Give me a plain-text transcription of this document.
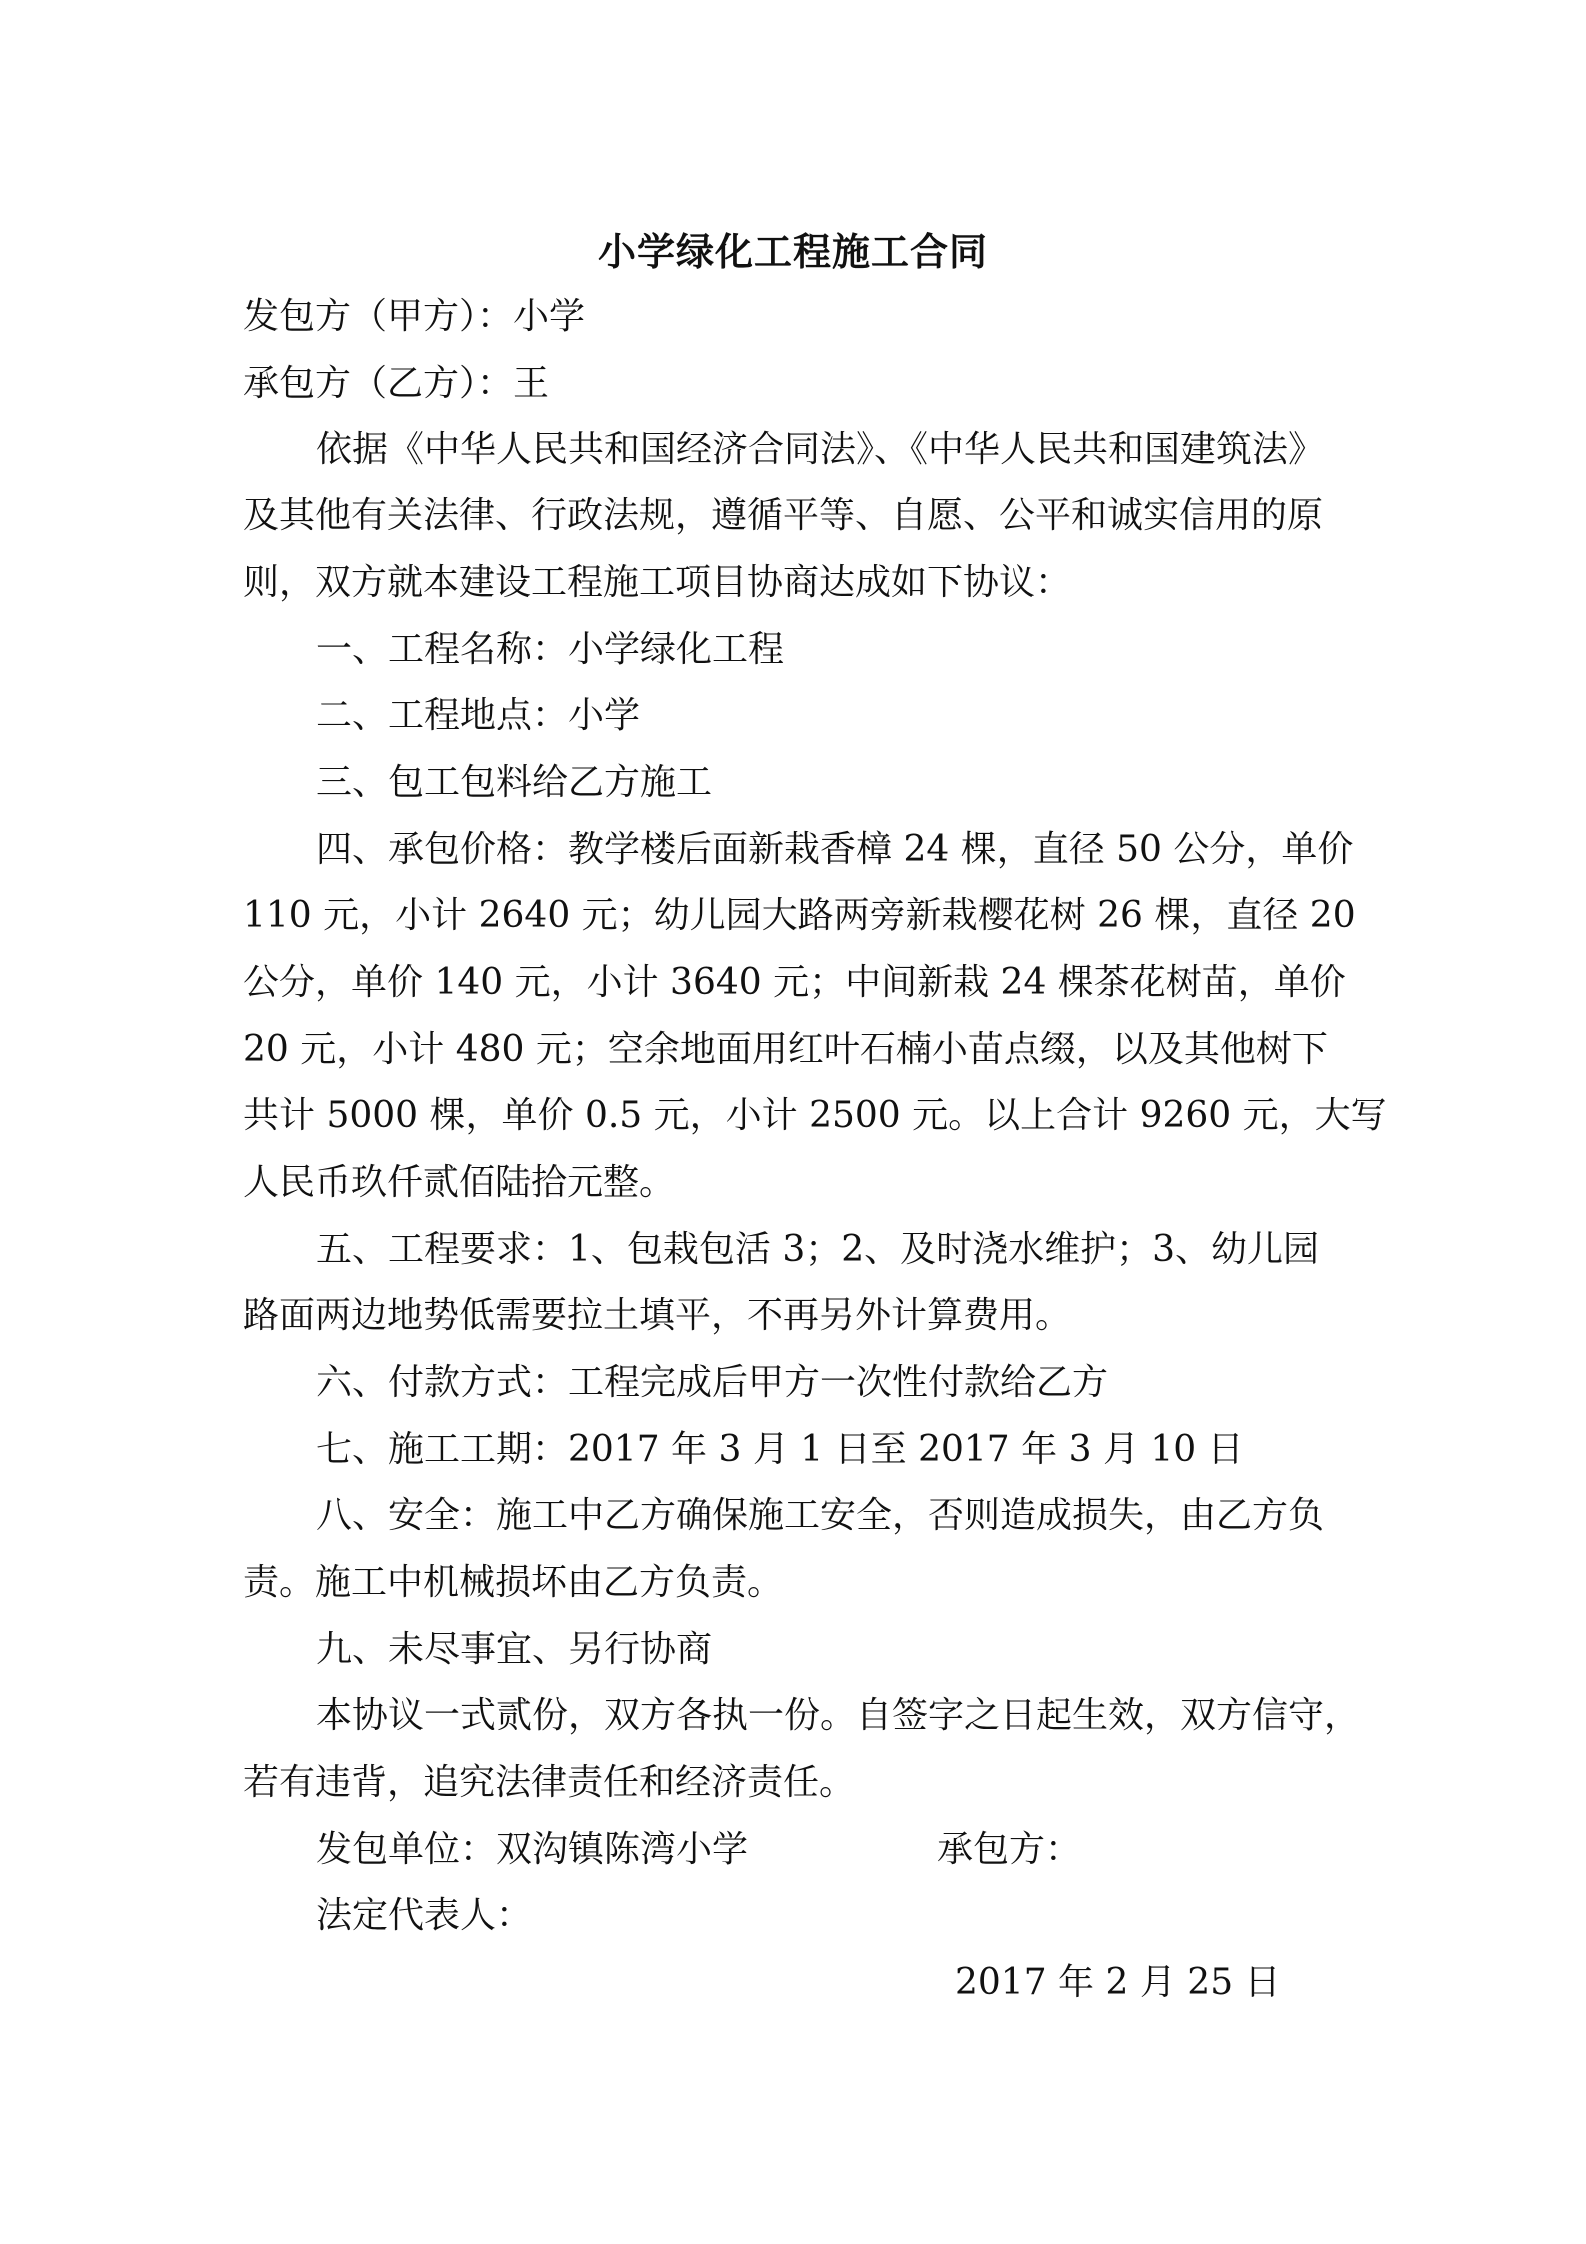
小学绿化工程施工合同
发包方（甲方）：小学
承包方（乙方）：王
依据《中华人民共和国经济合同法》、《中华人民共和国建筑法》
及其他有关法律、行政法规，遵循平等、自愿、公平和诚实信用的原
则，双方就本建设工程施工项目协商达成如下协议：
一、工程名称：小学绿化工程
二、工程地点：小学
三、包工包料给乙方施工
四、承包价格：教学楼后面新栽香樟 24 棵，直径 50 公分，单价
110 元，小计 2640 元；幼儿园大路两旁新栽樱花树 26 棵，直径 20
公分，单价 140 元，小计 3640 元；中间新栽 24 棵茶花树苗，单价
20 元，小计 480 元；空余地面用红叶石楠小苗点缀，以及其他树下
共计 5000 棵，单价 0.5 元，小计 2500 元。以上合计 9260 元，大写
人民币玖仟贰佰陆拾元整。
五、工程要求：1、包栽包活 3；2、及时浇水维护；3、幼儿园
路面两边地势低需要拉土填平，不再另外计算费用。
六、付款方式：工程完成后甲方一次性付款给乙方
七、施工工期：2017 年 3 月 1 日至 2017 年 3 月 10 日
八、安全：施工中乙方确保施工安全，否则造成损失，由乙方负
责。施工中机械损坏由乙方负责。
九、未尽事宜、另行协商
本协议一式贰份，双方各执一份。自签字之日起生效，双方信守，
若有违背，追究法律责任和经济责任。
发包单位：双沟镇陈湾小学	承包方：
法定代表人：
2017 年 2 月 25 日
